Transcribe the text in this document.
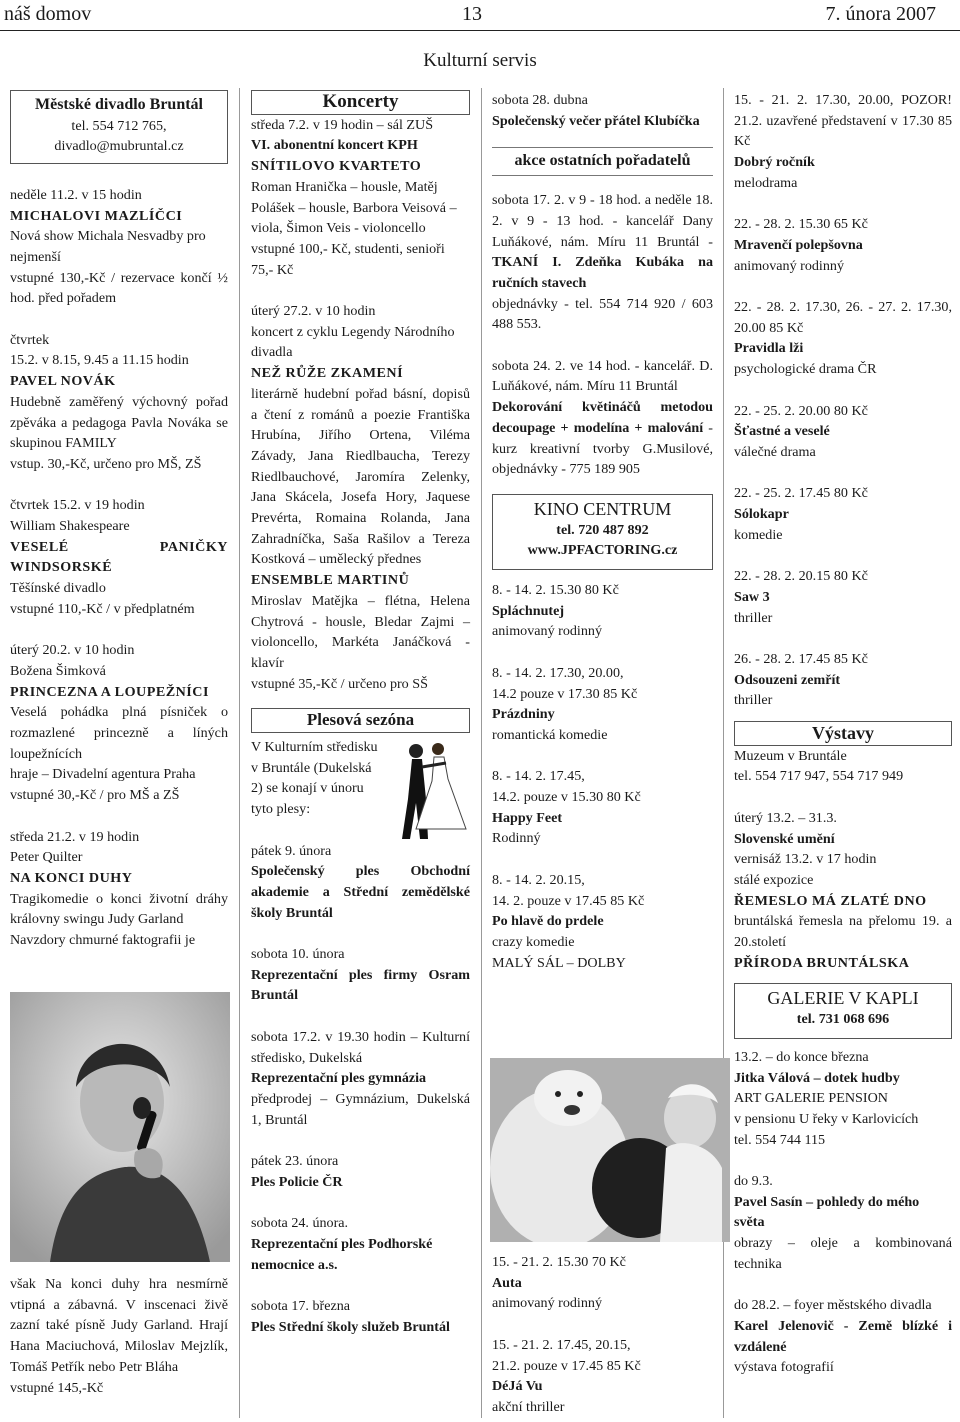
náš domov	13	7. února 2007
Kulturní servis

Městské divadlo Bruntál

tel. 554 712 765,

divadlo@mubruntal.cz

neděle 11.2. v 15 hodin

MICHALOVI MAZLÍČCI

Nová show Michala Nesvadby pro nejmenší

vstupné 130,-Kč / rezervace končí ½ hod. před pořadem

čtvrtek

15.2. v 8.15, 9.45 a 11.15 hodin

PAVEL NOVÁK

Hudebně zaměřený výchovný pořad zpěváka a pedagoga Pavla Nováka se skupinou FAMILY

vstup. 30,-Kč, určeno pro MŠ, ZŠ

čtvrtek 15.2. v 19 hodin

William Shakespeare

VESELÉ PANIČKY WINDSORSKÉ

Těšínské divadlo

vstupné 110,-Kč / v předplatném

úterý 20.2. v 10 hodin

Božena Šimková

PRINCEZNA A LOUPEŽNÍCI

Veselá pohádka plná písniček o rozmazlené princezně a líných loupežnících

hraje – Divadelní agentura Praha

vstupné 30,-Kč / pro MŠ a ZŠ

středa 21.2. v 19 hodin

Peter Quilter

NA KONCI DUHY

Tragikomedie o konci životní dráhy královny swingu Judy Garland

Navzdory chmurné faktografii je

však Na konci duhy hra nesmírně vtipná a zábavná. V inscenaci živě zazní také písně Judy Garland. Hrají Hana Maciuchová, Miloslav Mejzlík, Tomáš Petřík nebo Petr Bláha

vstupné 145,-Kč

Koncerty

středa 7.2. v 19 hodin – sál ZUŠ

VI. abonentní koncert KPH

SNÍTILOVO KVARTETO

Roman Hranička – housle, Matěj Polášek – housle, Barbora Veisová – viola, Šimon Veis - violoncello

vstupné 100,- Kč, studenti, senioři 75,- Kč

úterý 27.2. v 10 hodin

koncert z cyklu Legendy Národního divadla

NEŽ RŮŽE ZKAMENÍ

literárně hudební pořad básní, dopisů a čtení z románů a poezie Františka Hrubína, Jiřího Ortena, Viléma Závady, Jana Riedlbaucha, Terezy Riedlbauchové, Jaromíra Zelenky, Jana Skácela, Josefa Hory, Jaquese Prevérta, Romaina Rolanda, Jana Zahradníčka, Saša Rašilov a Tereza Kostková – umělecký přednes

ENSEMBLE MARTINŮ

Miroslav Matějka – flétna, Helena Chytrová - housle, Bledar Zajmi – violoncello, Markéta Janáčková - klavír

vstupné 35,-Kč / určeno pro SŠ

Plesová sezóna

V Kulturním středisku v Bruntále (Dukelská 2) se konají v únoru tyto plesy:

pátek 9. února

Společenský ples Obchodní akademie a Střední zemědělské školy Bruntál

sobota 10. února

Reprezentační ples firmy Osram Bruntál

sobota 17.2. v 19.30 hodin – Kulturní středisko, Dukelská

Reprezentační ples gymnázia

předprodej – Gymnázium, Dukelská 1, Bruntál

pátek 23. února

Ples Policie ČR

sobota 24. února.

Reprezentační ples Podhorské nemocnice a.s.

sobota 17. března

Ples Střední školy služeb Bruntál

sobota 28. dubna

Společenský večer přátel Klubíčka

akce ostatních pořadatelů

sobota 17. 2. v 9 - 18 hod. a neděle 18. 2. v 9 - 13 hod. - kancelář Dany Luňákové, nám. Míru 11 Bruntál - TKANÍ I. Zdeňka Kubáka na ručních stavech

objednávky - tel. 554 714 920 / 603 488 553.

sobota 24. 2. ve 14 hod. - kancelář. D. Luňákové, nám. Míru 11 Bruntál

Dekorování květináčů metodou decoupage + modelína + malování - kurz kreativní tvorby G.Musilové, objednávky - 775 189 905

KINO CENTRUM

tel. 720 487 892

www.JPFACTORING.cz

8. - 14. 2. 15.30 80 Kč

Spláchnutej

animovaný rodinný

8. - 14. 2. 17.30, 20.00,

14.2 pouze v 17.30 85 Kč

Prázdniny

romantická komedie

8. - 14. 2. 17.45,

14.2. pouze v 15.30 80 Kč

Happy Feet

Rodinný

8. - 14. 2. 20.15,

14. 2. pouze v 17.45 85 Kč

Po hlavě do prdele

crazy komedie

MALÝ SÁL – DOLBY

15. - 21. 2. 15.30 70 Kč

Auta

animovaný rodinný

15. - 21. 2. 17.45, 20.15,

21.2. pouze v 17.45 85 Kč

DéJá Vu

akční thriller

15. - 21. 2. 17.30, 20.00, POZOR! 21.2. uzavřené představení v 17.30 85 Kč

Dobrý ročník

melodrama

22. - 28. 2. 15.30 65 Kč

Mravenčí polepšovna

animovaný rodinný

22. - 28. 2. 17.30, 26. - 27. 2. 17.30, 20.00 85 Kč

Pravidla lži

psychologické drama ČR

22. - 25. 2. 20.00 80 Kč

Šťastné a veselé

válečné drama

22. - 25. 2. 17.45 80 Kč

Sólokapr

komedie

22. - 28. 2. 20.15 80 Kč

Saw 3

thriller

26. - 28. 2. 17.45 85 Kč

Odsouzeni zemřít

thriller

Výstavy

Muzeum v Bruntále

tel. 554 717 947, 554 717 949

úterý 13.2. – 31.3.

Slovenské umění

vernisáž 13.2. v 17 hodin

stálé expozice

ŘEMESLO MÁ ZLATÉ DNO

bruntálská řemesla na přelomu 19. a 20.století

PŘÍRODA BRUNTÁLSKA

GALERIE V KAPLI

tel. 731 068 696

13.2. – do konce března

Jitka Válová – dotek hudby

ART GALERIE PENSION

v pensionu U řeky v Karlovicích

tel. 554 744 115

do 9.3.

Pavel Sasín – pohledy do mého světa

obrazy – oleje a kombinovaná technika

do 28.2. – foyer městského divadla

Karel Jelenovič - Země blízké i vzdálené

výstava fotografií
